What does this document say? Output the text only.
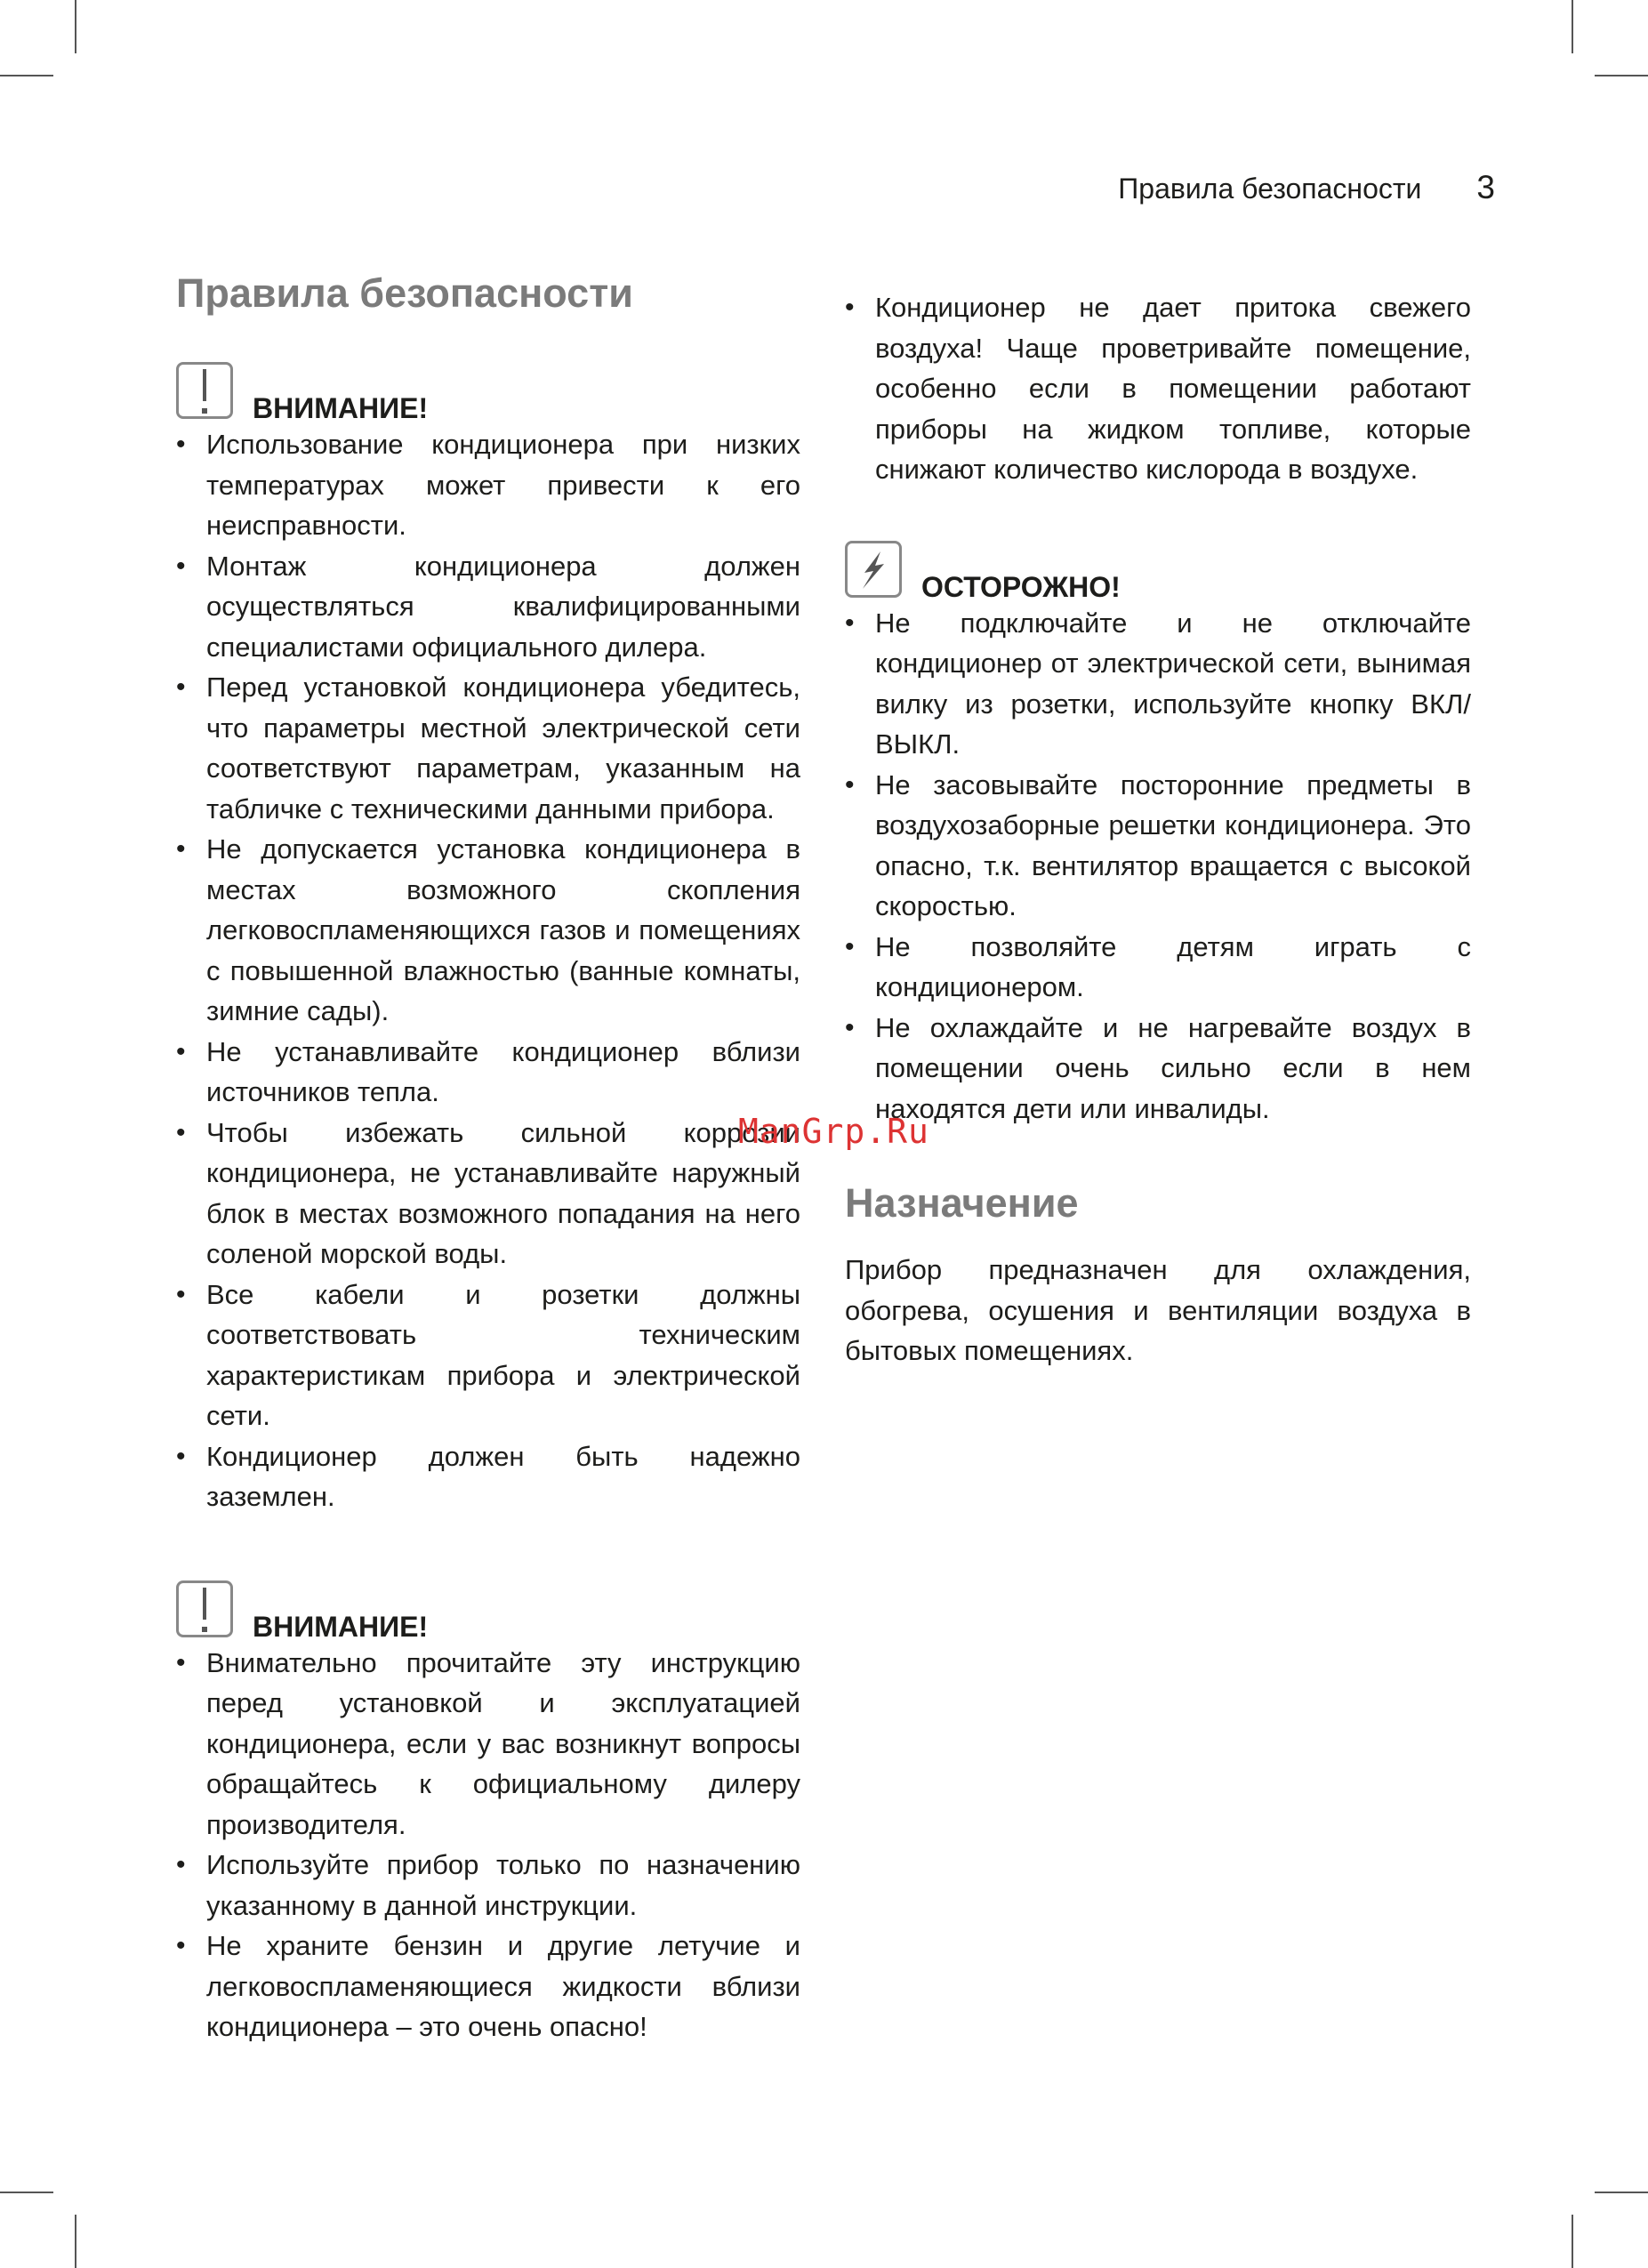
Правила безопасности 3
Правила безопасности
ВНИМАНИЕ!
• Использование кондиционера при низких температурах может привести к его неисправности.
• Монтаж кондиционера должен осуществляться квалифицированными специалистами официального дилера.
• Перед установкой кондиционера убедитесь, что параметры местной электрической сети соответствуют параметрам, указанным на табличке с техническими данными прибора.
• Не допускается установка кондиционера в местах возможного скопления легковоспламеняющихся газов и помещениях с повышенной влажностью (ванные комнаты, зимние сады).
• Не устанавливайте кондиционер вблизи источников тепла.
• Чтобы избежать сильной коррозии кондиционера, не устанавливайте наружный блок в местах возможного попадания на него соленой морской воды.
• Все кабели и розетки должны соответствовать техническим характеристикам прибора и электрической сети.
• Кондиционер должен быть надежно заземлен.
ВНИМАНИЕ!
• Внимательно прочитайте эту инструкцию перед установкой и эксплуатацией кондиционера, если у вас возникнут вопросы обращайтесь к официальному дилеру производителя.
• Используйте прибор только по назначению указанному в данной инструкции.
• Не храните бензин и другие летучие и легковоспламеняющиеся жидкости вблизи кондиционера – это очень опасно!
• Кондиционер не дает притока свежего воздуха! Чаще проветривайте помещение, особенно если в помещении работают приборы на жидком топливе, которые снижают количество кислорода в воздухе.
ОСТОРОЖНО!
• Не подключайте и не отключайте кондиционер от электрической сети, вынимая вилку из розетки, используйте кнопку ВКЛ/ВЫКЛ.
• Не засовывайте посторонние предметы в воздухозаборные решетки кондиционера. Это опасно, т.к. вентилятор вращается с высокой скоростью.
• Не позволяйте детям играть с кондиционером.
• Не охлаждайте и не нагревайте воздух в помещении очень сильно если в нем находятся дети или инвалиды.
Назначение

Прибор предназначен для охлаждения, обогрева, осушения и вентиляции воздуха в бытовых помещениях.

ManGrp.Ru
